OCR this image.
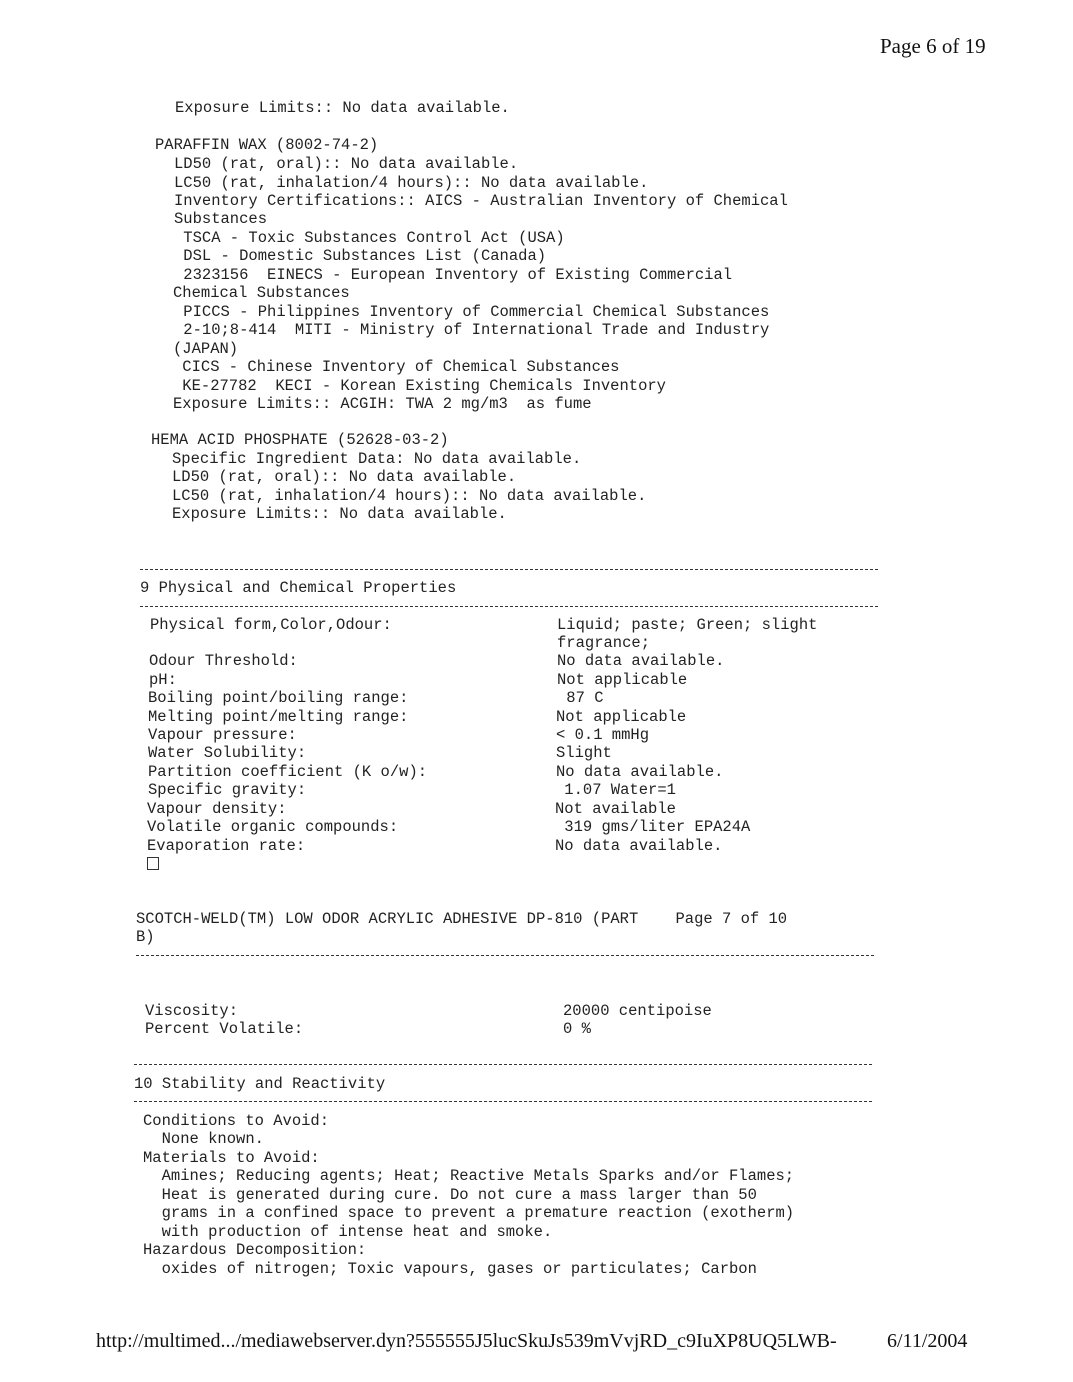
Page 6 of 19
Exposure Limits:: No data available.
PARAFFIN WAX (8002-74-2)
LD50 (rat, oral):: No data available.
LC50 (rat, inhalation/4 hours):: No data available.
Inventory Certifications:: AICS - Australian Inventory of Chemical
Substances
TSCA - Toxic Substances Control Act (USA)
DSL - Domestic Substances List (Canada)
2323156  EINECS - European Inventory of Existing Commercial
Chemical Substances
PICCS - Philippines Inventory of Commercial Chemical Substances
2-10;8-414  MITI - Ministry of International Trade and Industry
(JAPAN)
CICS - Chinese Inventory of Chemical Substances
KE-27782  KECI - Korean Existing Chemicals Inventory
Exposure Limits:: ACGIH: TWA 2 mg/m3  as fume
HEMA ACID PHOSPHATE (52628-03-2)
Specific Ingredient Data: No data available.
LD50 (rat, oral):: No data available.
LC50 (rat, inhalation/4 hours):: No data available.
Exposure Limits:: No data available.
9 Physical and Chemical Properties
Physical form,Color,Odour:	Liquid; paste; Green; slight
fragrance;
Odour Threshold:	No data available.
pH:	Not applicable
Boiling point/boiling range:	87 C
Melting point/melting range:	Not applicable
Vapour pressure:	< 0.1 mmHg
Water Solubility:	Slight
Partition coefficient (K o/w):	No data available.
Specific gravity:	1.07 Water=1
Vapour density:	Not available
Volatile organic compounds:	319 gms/liter EPA24A
Evaporation rate:	No data available.
SCOTCH-WELD(TM) LOW ODOR ACRYLIC ADHESIVE DP-810 (PART    Page 7 of 10
B)
Viscosity:	20000 centipoise
Percent Volatile:	0 %
10 Stability and Reactivity
Conditions to Avoid:
None known.
Materials to Avoid:
Amines; Reducing agents; Heat; Reactive Metals Sparks and/or Flames;
Heat is generated during cure. Do not cure a mass larger than 50
grams in a confined space to prevent a premature reaction (exotherm)
with production of intense heat and smoke.
Hazardous Decomposition:
oxides of nitrogen; Toxic vapours, gases or particulates; Carbon
http://multimed.../mediawebserver.dyn?555555J5lucSkuJs539mVvjRD_c9IuXP8UQ5LWB-	6/11/2004
